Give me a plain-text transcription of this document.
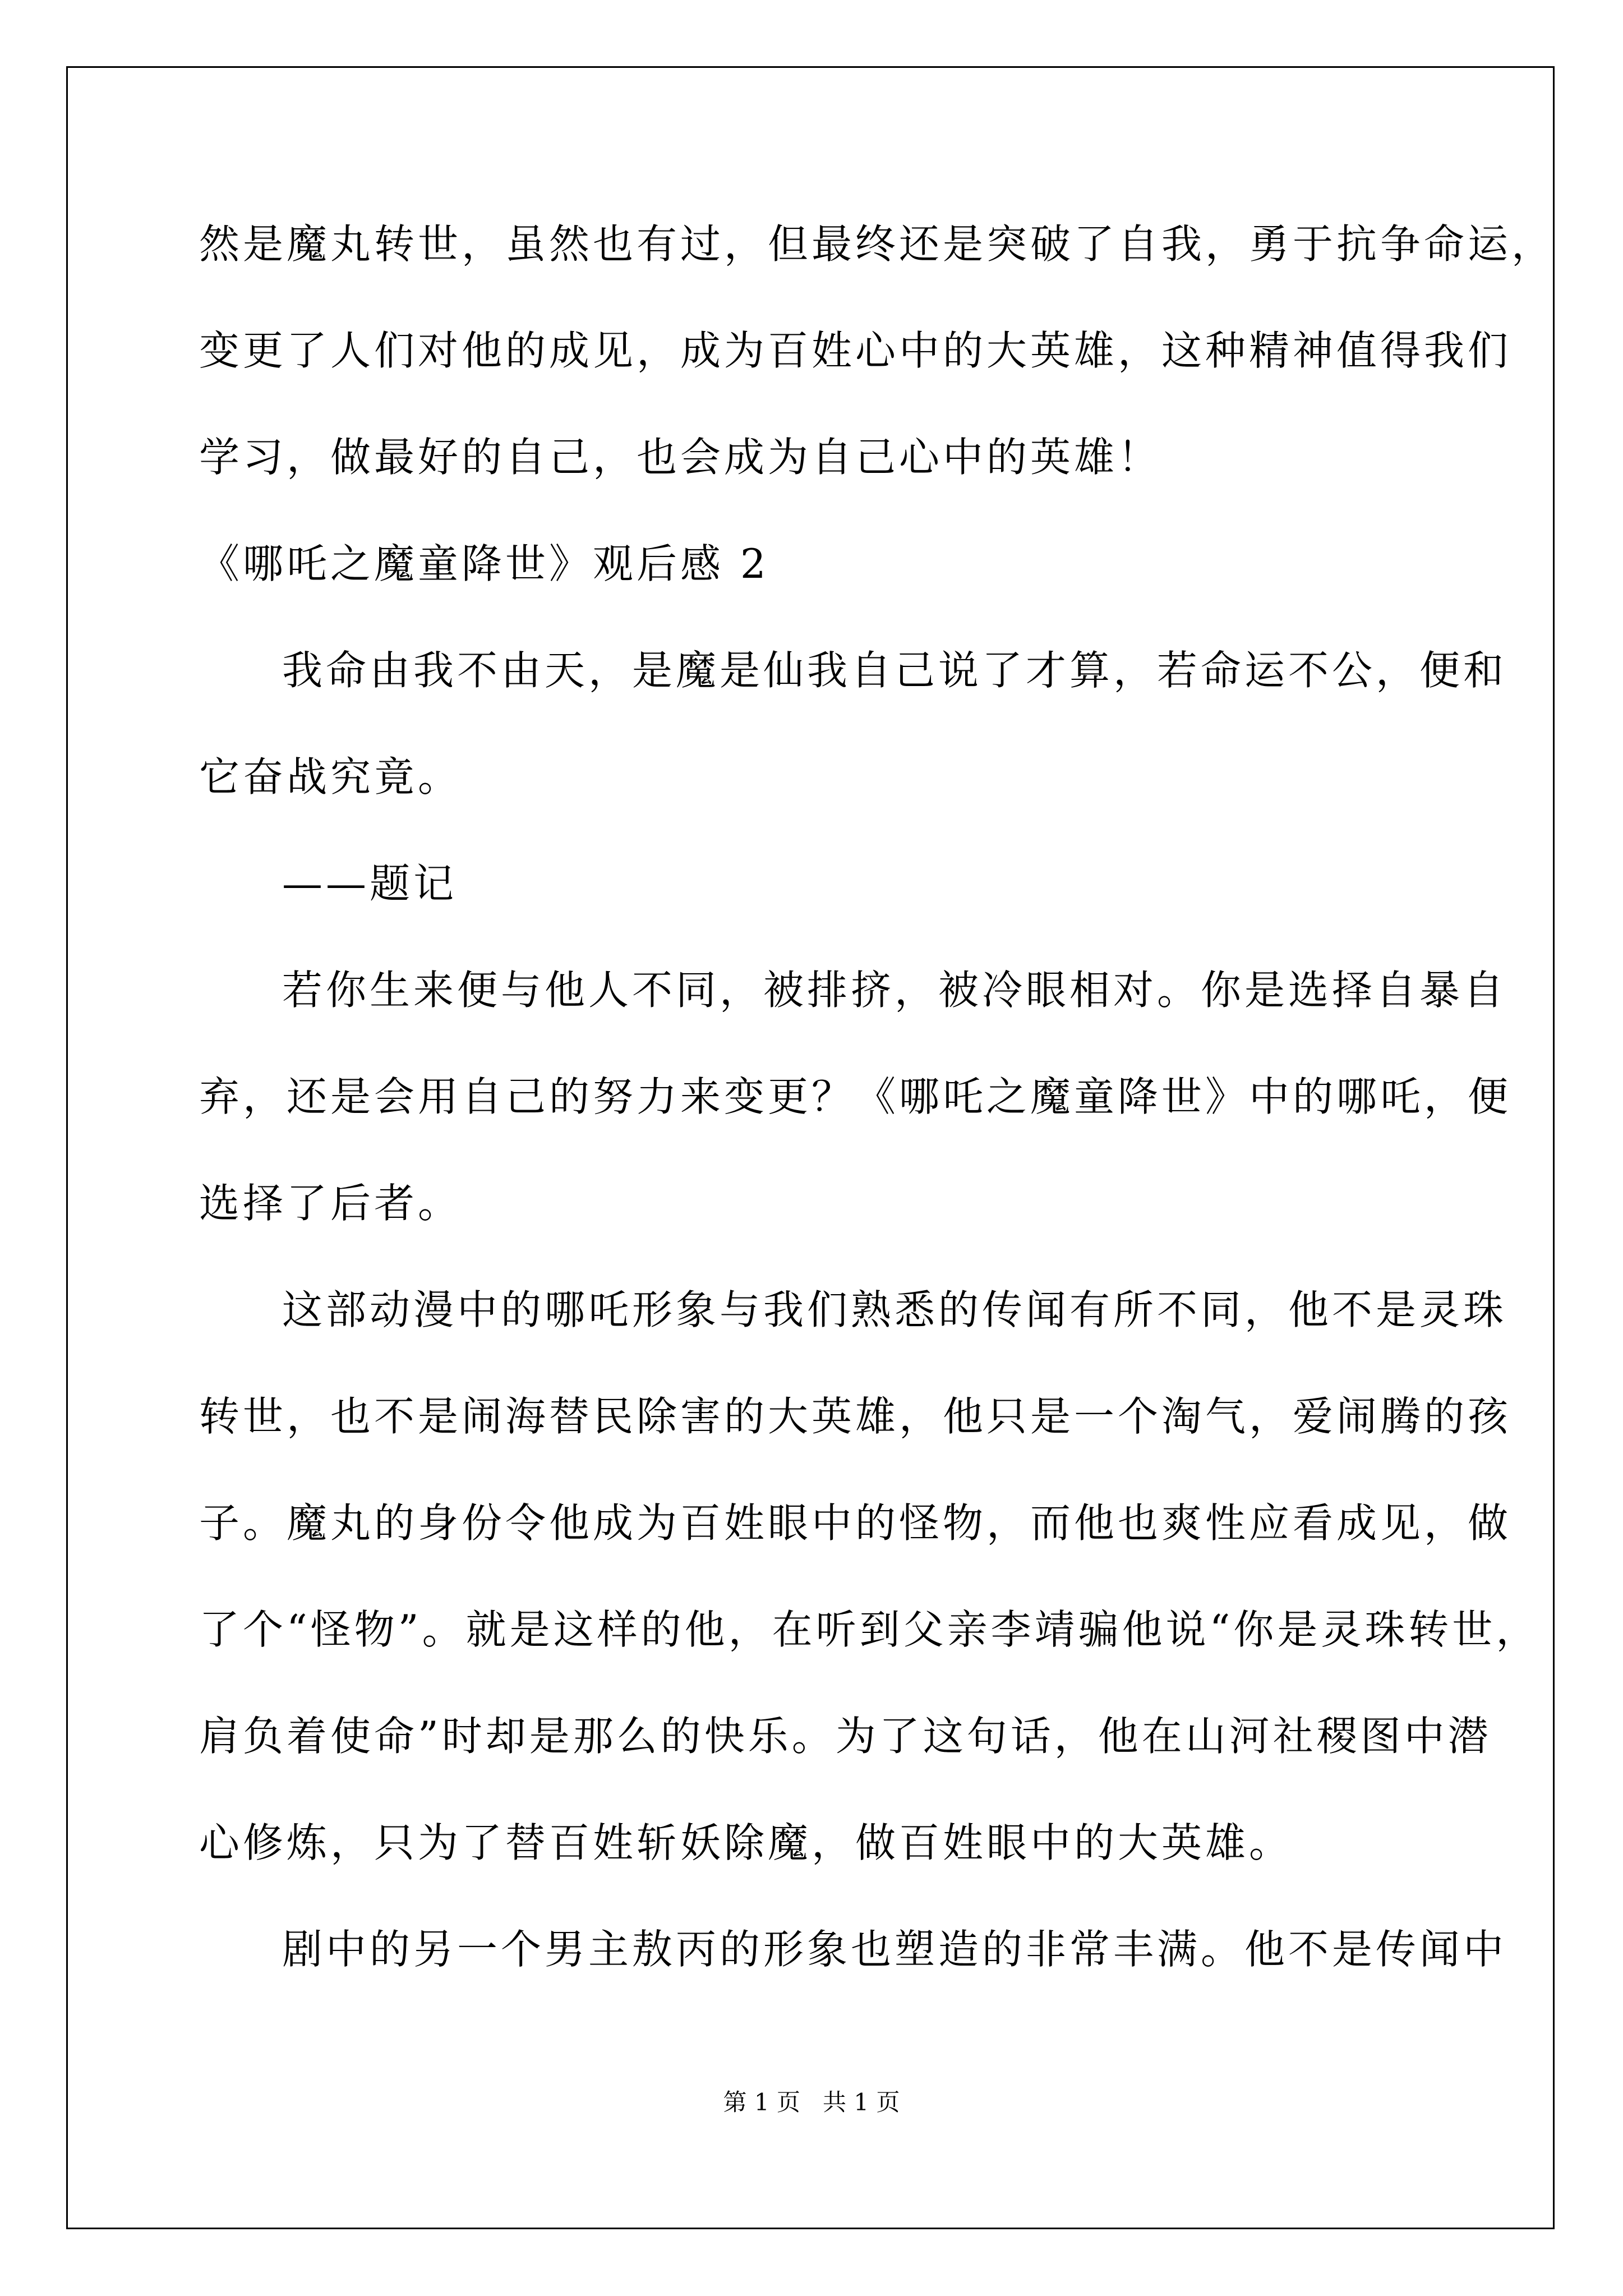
然是魔丸转世，虽然也有过，但最终还是突破了自我，勇于抗争命运，
变更了人们对他的成见，成为百姓心中的大英雄，这种精神值得我们
学习，做最好的自己，也会成为自己心中的英雄！
《哪吒之魔童降世》观后感 2
我命由我不由天，是魔是仙我自己说了才算，若命运不公，便和
它奋战究竟。
——题记
若你生来便与他人不同，被排挤，被冷眼相对。你是选择自暴自
弃，还是会用自己的努力来变更？《哪吒之魔童降世》中的哪吒，便
选择了后者。
这部动漫中的哪吒形象与我们熟悉的传闻有所不同，他不是灵珠
转世，也不是闹海替民除害的大英雄，他只是一个淘气，爱闹腾的孩
子。魔丸的身份令他成为百姓眼中的怪物，而他也爽性应看成见，做
了个“怪物”。就是这样的他，在听到父亲李靖骗他说“你是灵珠转世，
肩负着使命”时却是那么的快乐。为了这句话，他在山河社稷图中潜
心修炼，只为了替百姓斩妖除魔，做百姓眼中的大英雄。
剧中的另一个男主敖丙的形象也塑造的非常丰满。他不是传闻中
第 1 页   共 1 页
